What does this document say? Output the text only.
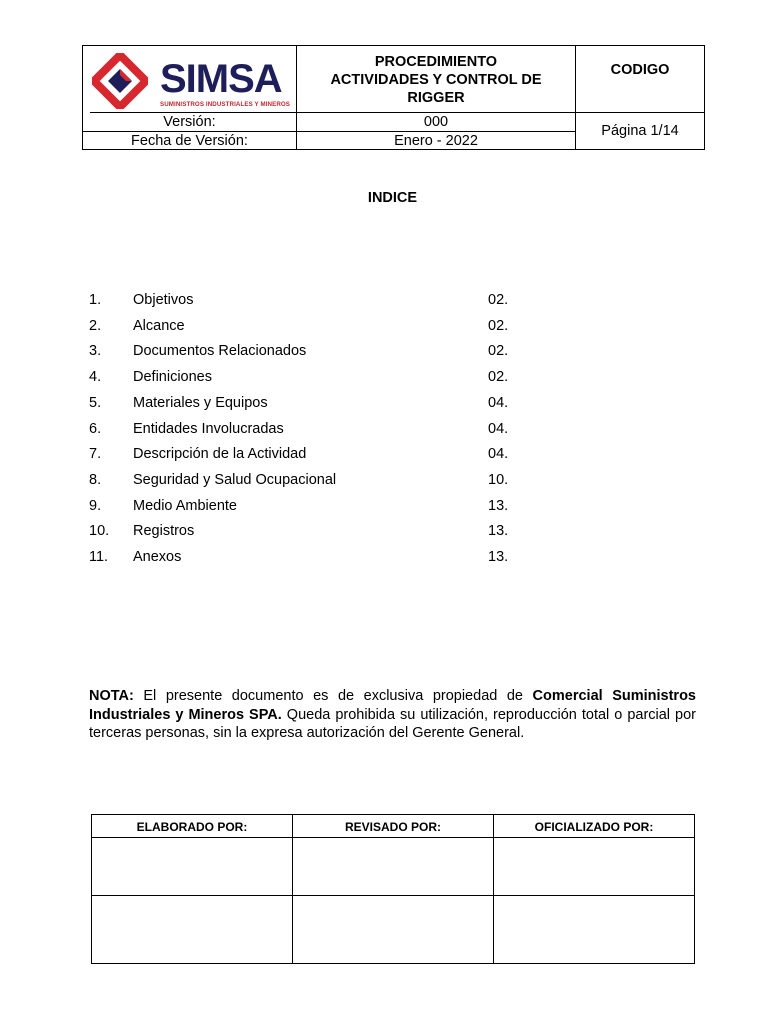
SIMSA
SUMINISTROS INDUSTRIALES Y MINEROS
PROCEDIMIENTO
ACTIVIDADES Y CONTROL DE
RIGGER
CODIGO
Versión:	000
Fecha de Versión:	Enero - 2022
Página 1/14
INDICE
1. Objetivos	02.
2. Alcance	02.
3. Documentos Relacionados	02.
4. Definiciones	02.
5. Materiales y Equipos	04.
6. Entidades Involucradas	04.
7. Descripción de la Actividad	04.
8. Seguridad y Salud Ocupacional	10.
9. Medio Ambiente	13.
10. Registros	13.
11. Anexos	13.
NOTA: El presente documento es de exclusiva propiedad de Comercial Suministros Industriales y Mineros SPA. Queda prohibida su utilización, reproducción total o parcial por terceras personas, sin la expresa autorización del Gerente General.
ELABORADO POR:	REVISADO POR:	OFICIALIZADO POR:
